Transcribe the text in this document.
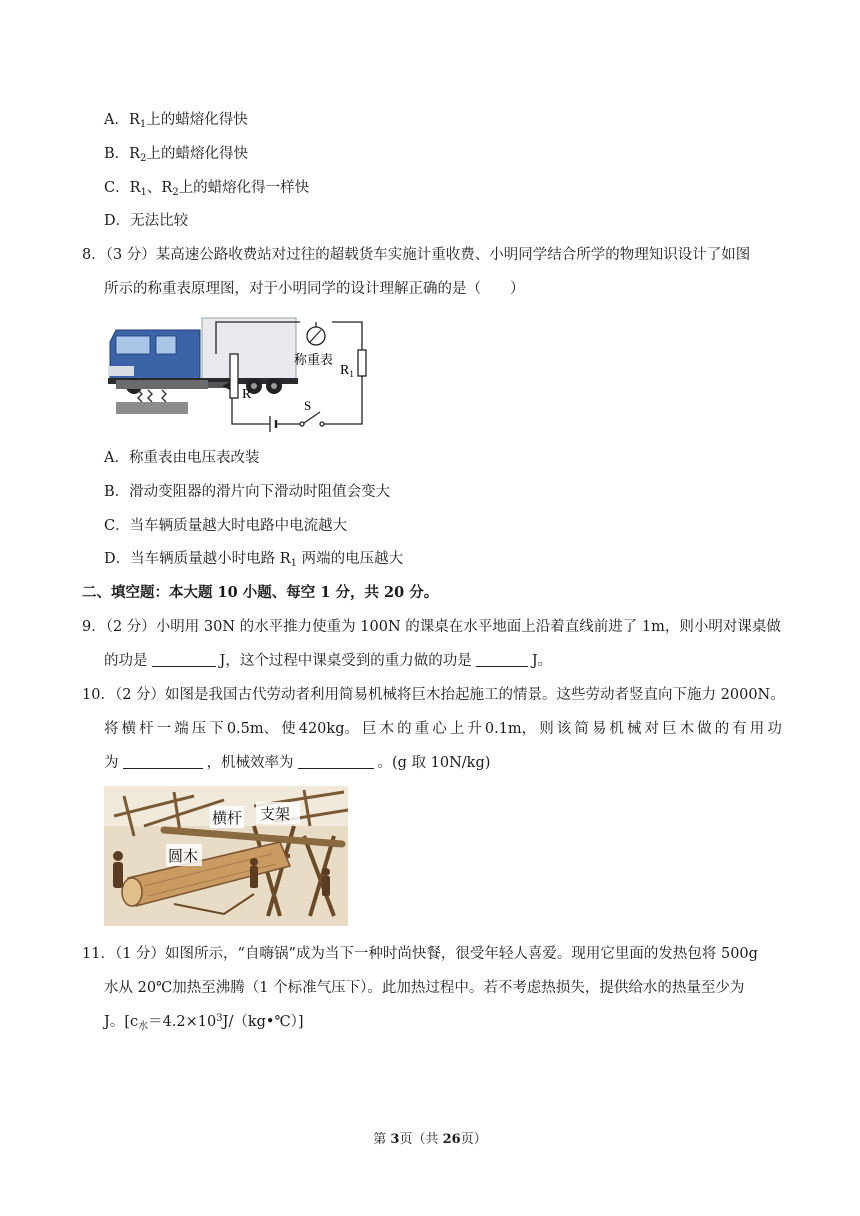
A．$R_1$上的蜡熔化得快
B．$R_2$上的蜡熔化得快
C．$R_1$、$R_2$上的蜡熔化得一样快
D．无法比较
8．（3 分）某高速公路收费站对过往的超载货车实施计重收费、小明同学结合所学的物理知识设计了如图
所示的称重表原理图，对于小明同学的设计理解正确的是（　　）
R
称重表
$R_1$
S
A．称重表由电压表改装
B．滑动变阻器的滑片向下滑动时阻值会变大
C．当车辆质量越大时电路中电流越大
D．当车辆质量越小时电路 $R_1$ 两端的电压越大
二、填空题：本大题 10 小题、每空 1 分，共 20 分。
9．（2 分）小明用 30N 的水平推力使重为 100N 的课桌在水平地面上沿着直线前进了 1m，则小明对课桌做
的功是	J，这个过程中课桌受到的重力做的功是	J。
10．（2 分）如图是我国古代劳动者利用简易机械将巨木抬起施工的情景。这些劳动者竖直向下施力 2000N。
将 横 杆 一 端 压 下 0.5m、 使 420kg。 巨 木 的 重 心 上 升 0.1m， 则 该 简 易 机 械 对 巨 木 做 的 有 用 功
为	，机械效率为	。(g 取 10N/kg)
横杆 支架
圆木
11．（1 分）如图所示，“自嗨锅”成为当下一种时尚快餐，很受年轻人喜爱。现用它里面的发热包将 500g
水从 20℃加热至沸腾（1 个标准气压下）。此加热过程中。若不考虑热损失，提供给水的热量至少为
J。$[c_水=4.2\times 10^3J/(kg•℃)]$
第 3页（共 26页）
